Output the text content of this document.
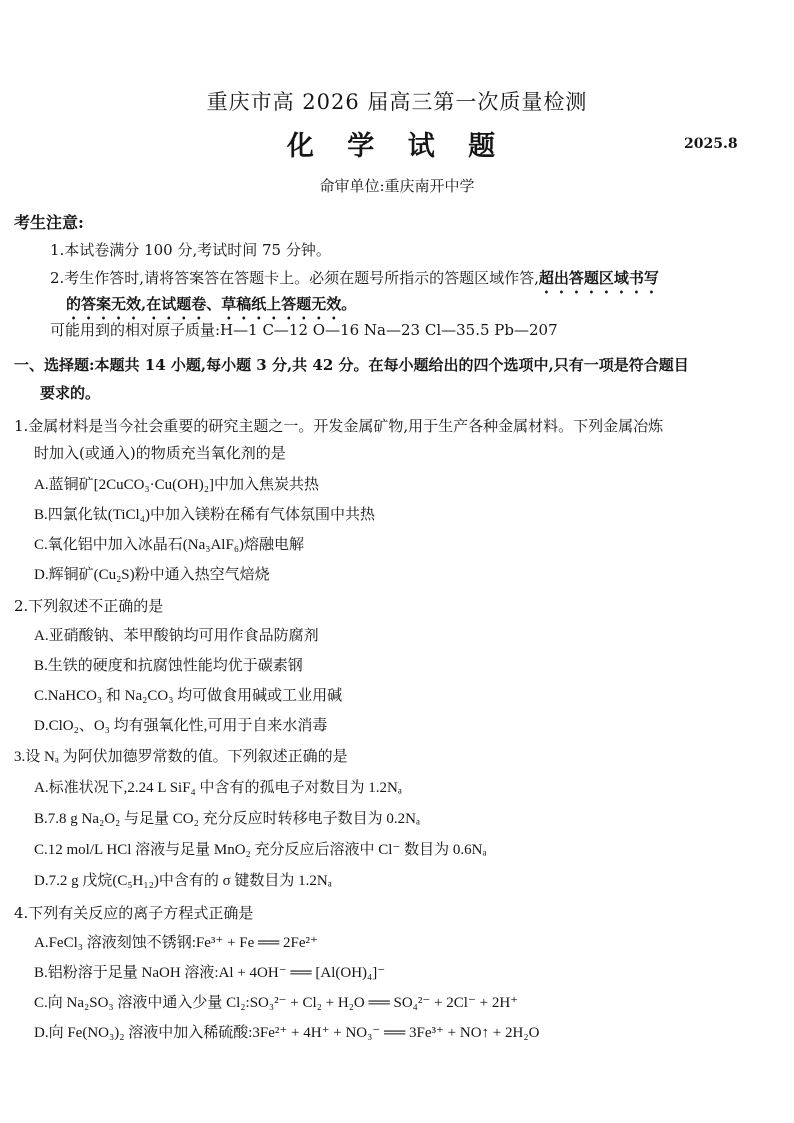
重庆市高 2026 届高三第一次质量检测
化 学 试 题	2025.8
命审单位:重庆南开中学
考生注意:
1.本试卷满分 100 分,考试时间 75 分钟。
2.考生作答时,请将答案答在答题卡上。必须在题号所指示的答题区域作答,超出答题区域书写
的答案无效,在试题卷、草稿纸上答题无效。
可能用到的相对原子质量:H—1 C—12 O—16 Na—23 Cl—35.5 Pb—207
一、选择题:本题共 14 小题,每小题 3 分,共 42 分。在每小题给出的四个选项中,只有一项是符合题目
要求的。
1.金属材料是当今社会重要的研究主题之一。开发金属矿物,用于生产各种金属材料。下列金属冶炼
时加入(或通入)的物质充当氧化剂的是
A.蓝铜矿[2CuCO₃·Cu(OH)₂]中加入焦炭共热
B.四氯化钛(TiCl₄)中加入镁粉在稀有气体氛围中共热
C.氧化铝中加入冰晶石(Na₃AlF₆)熔融电解
D.辉铜矿(Cu₂S)粉中通入热空气焙烧
2.下列叙述不正确的是
A.亚硝酸钠、苯甲酸钠均可用作食品防腐剂
B.生铁的硬度和抗腐蚀性能均优于碳素钢
C.NaHCO₃ 和 Na₂CO₃ 均可做食用碱或工业用碱
D.ClO₂、O₃ 均有强氧化性,可用于自来水消毒
3.设 Nₐ 为阿伏加德罗常数的值。下列叙述正确的是
A.标准状况下,2.24 L SiF₄ 中含有的孤电子对数目为 1.2Nₐ
B.7.8 g Na₂O₂ 与足量 CO₂ 充分反应时转移电子数目为 0.2Nₐ
C.12 mol/L HCl 溶液与足量 MnO₂ 充分反应后溶液中 Cl⁻ 数目为 0.6Nₐ
D.7.2 g 戊烷(C₅H₁₂)中含有的 σ 键数目为 1.2Nₐ
4.下列有关反应的离子方程式正确是
A.FeCl₃ 溶液刻蚀不锈钢:Fe³⁺ + Fe ══ 2Fe²⁺
B.铝粉溶于足量 NaOH 溶液:Al + 4OH⁻ ══ [Al(OH)₄]⁻
C.向 Na₂SO₃ 溶液中通入少量 Cl₂:SO₃²⁻ + Cl₂ + H₂O ══ SO₄²⁻ + 2Cl⁻ + 2H⁺
D.向 Fe(NO₃)₂ 溶液中加入稀硫酸:3Fe²⁺ + 4H⁺ + NO₃⁻ ══ 3Fe³⁺ + NO↑ + 2H₂O
